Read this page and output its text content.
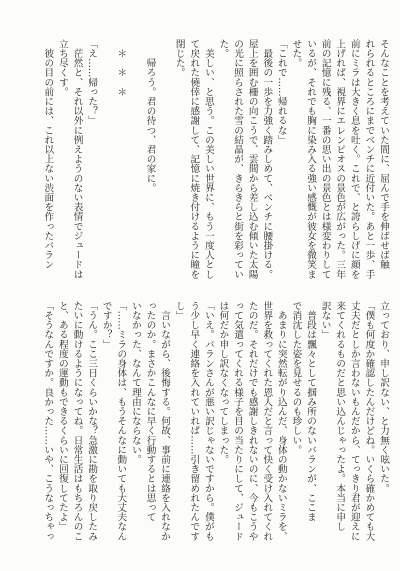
そんなことを考えていた間に、屈んで手を伸ばせば触
れられるところにまでベンチに近付いた。あと一歩、手
前にミラは大きく息を吐く。これで、と誇らしげに顔を
上げれば、視界にエレンピオスの景色が広がった。三年
前の記憶に残る、一番の思い出の景色とは様変わりして
いるが、それでも胸に染み入る強い感慨が彼女を微笑ま
せた。
「これで……帰れるな」
　最後の一歩を力強く踏みしめて、ベンチに腰掛ける。
屋上を囲む柵の向こうで、雲間から差し込む傾いた太陽
の光に照らされた雪の結晶が、きらきらと街を彩ってい
た。
　美しい、と思う。この美しい世界に、もう一度人とし
て戻れた僥倖に感謝して、記憶に焼き付けるように瞳を
閉じた。
　　帰ろう。君の待つ、君の家に。
　＊　＊　＊
「え……帰った？」
　茫然と、それ以外に例えようのない表情でジュードは
立ち尽くす。
　彼の目の前には、これ以上ない渋面を作ったバラン
立っており、申し訳ない、と力無く呟いた。
「僕も何度か確認したんだけどね。いくら確かめても大
丈夫だとしか言わないもんだから、てっきり君が迎えに
来てくれるものだと思い込んじゃったよ。本当に申し
訳ない」
　普段は飄々として掴み所のないバランが、ここま
で消沈した姿を見せるのも珍しい。
　あまりに突然転がり込んだ、身体の動かないミラを、
世界を救ってくれた恩人だと言って快く受け入れてくれ
たのだ。それだけでも感謝しきれないのに、今もこうや
って気遣ってくれる様子を目の当たりにして、ジュード
は何だか申し訳なくなってしまった。
「いえ。バランさんが悪い訳じゃないですから。僕がも
う少し早く連絡を入れていれば……引き留めれたんです
し」
　言いながら、後悔する。何故、事前に連絡を入れなか
ったのか。まさかこんなに早く行動するとは思って
いなかった、なんて理由にならない。
「……ミラの身体は、もうそんなに動いても大丈夫なん
ですか？」
「うん。ここ三日くらいかな？急激に勘を取り戻したみ
たいに動けるようになってね。日常生活はもちろんのこ
と、ある程度の運動もできるくらいに回復してたよ」
「そうなんですか。良かった……いや、こうなっちゃっ
